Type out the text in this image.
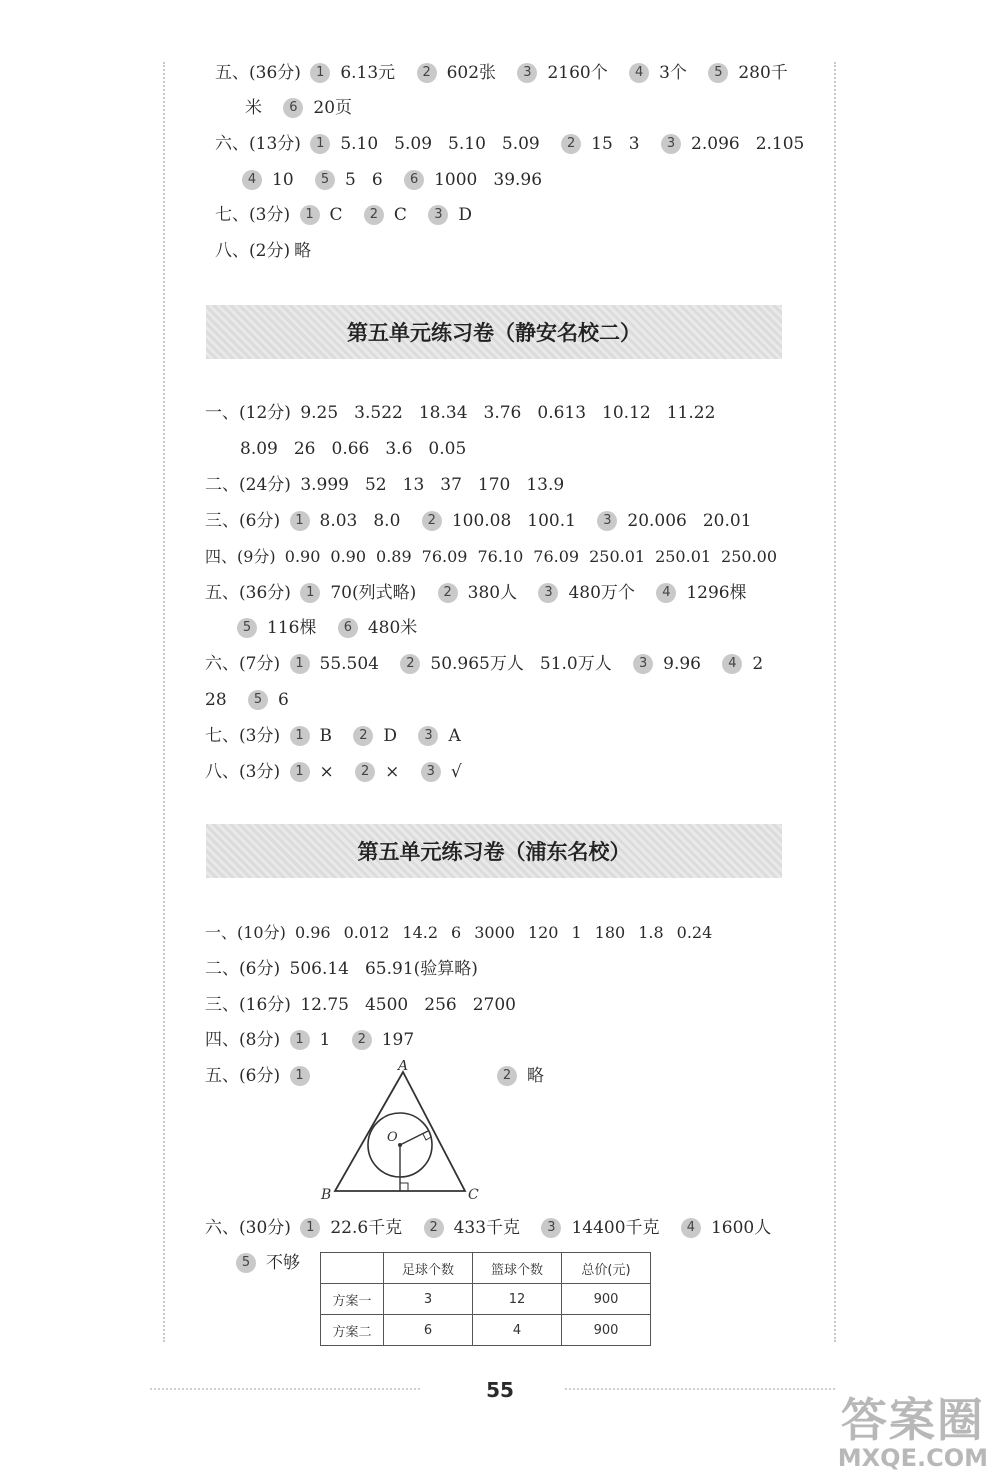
五、(36分) 1 6.13元 2 602张 3 2160个 4 3个 5 280千
米 6 20页
六、(13分) 1 5.10 5.09 5.10 5.09 2 15 3 3 2.096 2.105
4 10 5 5 6 6 1000 39.96
七、(3分) 1 C 2 C 3 D
八、(2分) 略
第五单元练习卷（静安名校二）
一、(12分) 9.25 3.522 18.34 3.76 0.613 10.12 11.22
8.09 26 0.66 3.6 0.05
二、(24分) 3.999 52 13 37 170 13.9
三、(6分) 1 8.03 8.0 2 100.08 100.1 3 20.006 20.01
四、(9分) 0.90 0.90 0.89 76.09 76.10 76.09 250.01 250.01 250.00
五、(36分) 1 70(列式略) 2 380人 3 480万个 4 1296棵
5 116棵 6 480米
六、(7分) 1 55.504 2 50.965万人 51.0万人 3 9.96 4 2
28 5 6
七、(3分) 1 B 2 D 3 A
八、(3分) 1 × 2 × 3 √
第五单元练习卷（浦东名校）
一、(10分) 0.96 0.012 14.2 6 3000 120 1 180 1.8 0.24
二、(6分) 506.14 65.91(验算略)
三、(16分) 12.75 4500 256 2700
四、(8分) 1 1 2 197
五、(6分) 1	2 略
A
B	C
O
六、(30分) 1 22.6千克 2 433千克 3 14400千克 4 1600人
5 不够
		足球个数	篮球个数	总价(元)
方案一	3	12	900
方案二	6	4	900
55
答案圈
MXQE.COM
